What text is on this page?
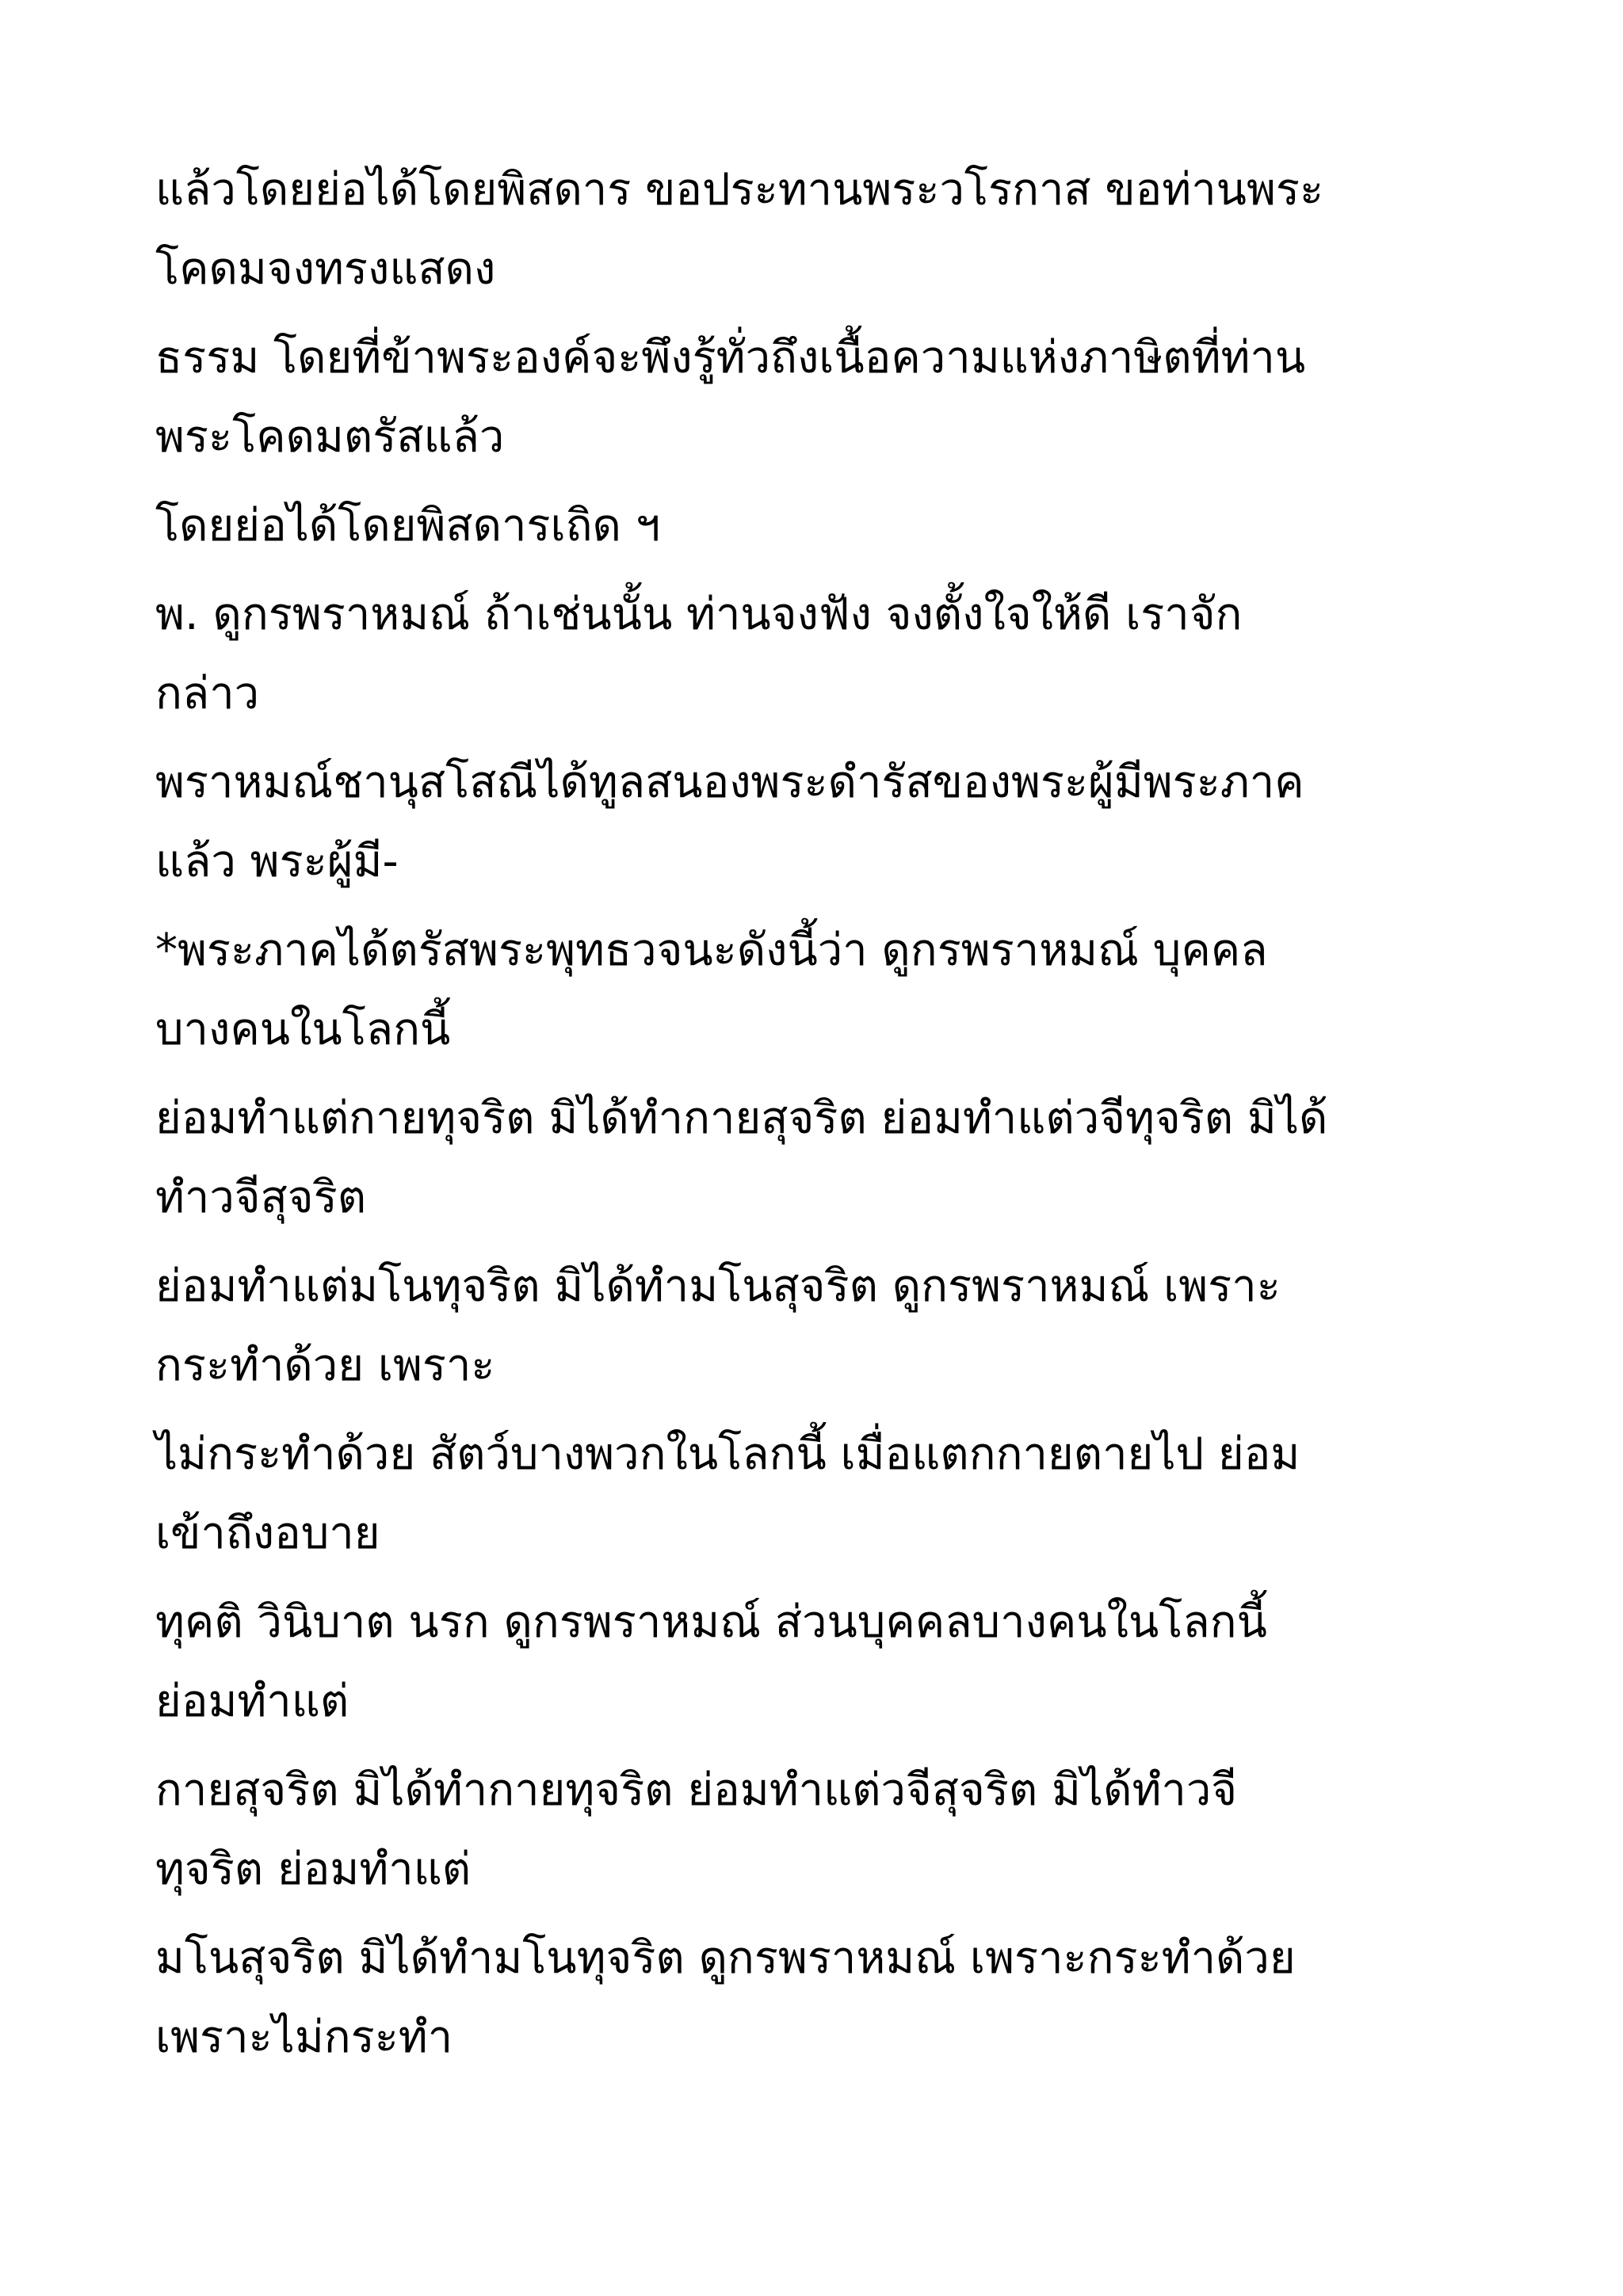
แล้วโดยย่อได้โดยพิสดาร ขอประทานพระวโรกาส ขอท่านพระ
โคดมจงทรงแสดง
ธรรม โดยที่ข้าพระองค์จะพึงรู้ทั่วถึงเนื้อความแห่งภาษิตที่ท่าน
พระโคดมตรัสแล้ว
โดยย่อได้โดยพิสดารเถิด ฯ
พ. ดูกรพราหมณ์ ถ้าเช่นนั้น ท่านจงฟัง จงตั้งใจให้ดี เราจัก
กล่าว
พราหมณ์ชานุสโสณีได้ทูลสนองพระดำรัสของพระผู้มีพระภาค
แล้ว พระผู้มี-
*พระภาคได้ตรัสพระพุทธวจนะดังนี้ว่า ดูกรพราหมณ์ บุคคล
บางคนในโลกนี้
ย่อมทำแต่กายทุจริต มิได้ทำกายสุจริต ย่อมทำแต่วจีทุจริต มิได้
ทำวจีสุจริต
ย่อมทำแต่มโนทุจริต มิได้ทำมโนสุจริต ดูกรพราหมณ์ เพราะ
กระทำด้วย เพราะ
ไม่กระทำด้วย สัตว์บางพวกในโลกนี้ เมื่อแตกกายตายไป ย่อม
เข้าถึงอบาย
ทุคติ วินิบาต นรก ดูกรพราหมณ์ ส่วนบุคคลบางคนในโลกนี้
ย่อมทำแต่
กายสุจริต มิได้ทำกายทุจริต ย่อมทำแต่วจีสุจริต มิได้ทำวจี
ทุจริต ย่อมทำแต่
มโนสุจริต มิได้ทำมโนทุจริต ดูกรพราหมณ์ เพราะกระทำด้วย
เพราะไม่กระทำ
